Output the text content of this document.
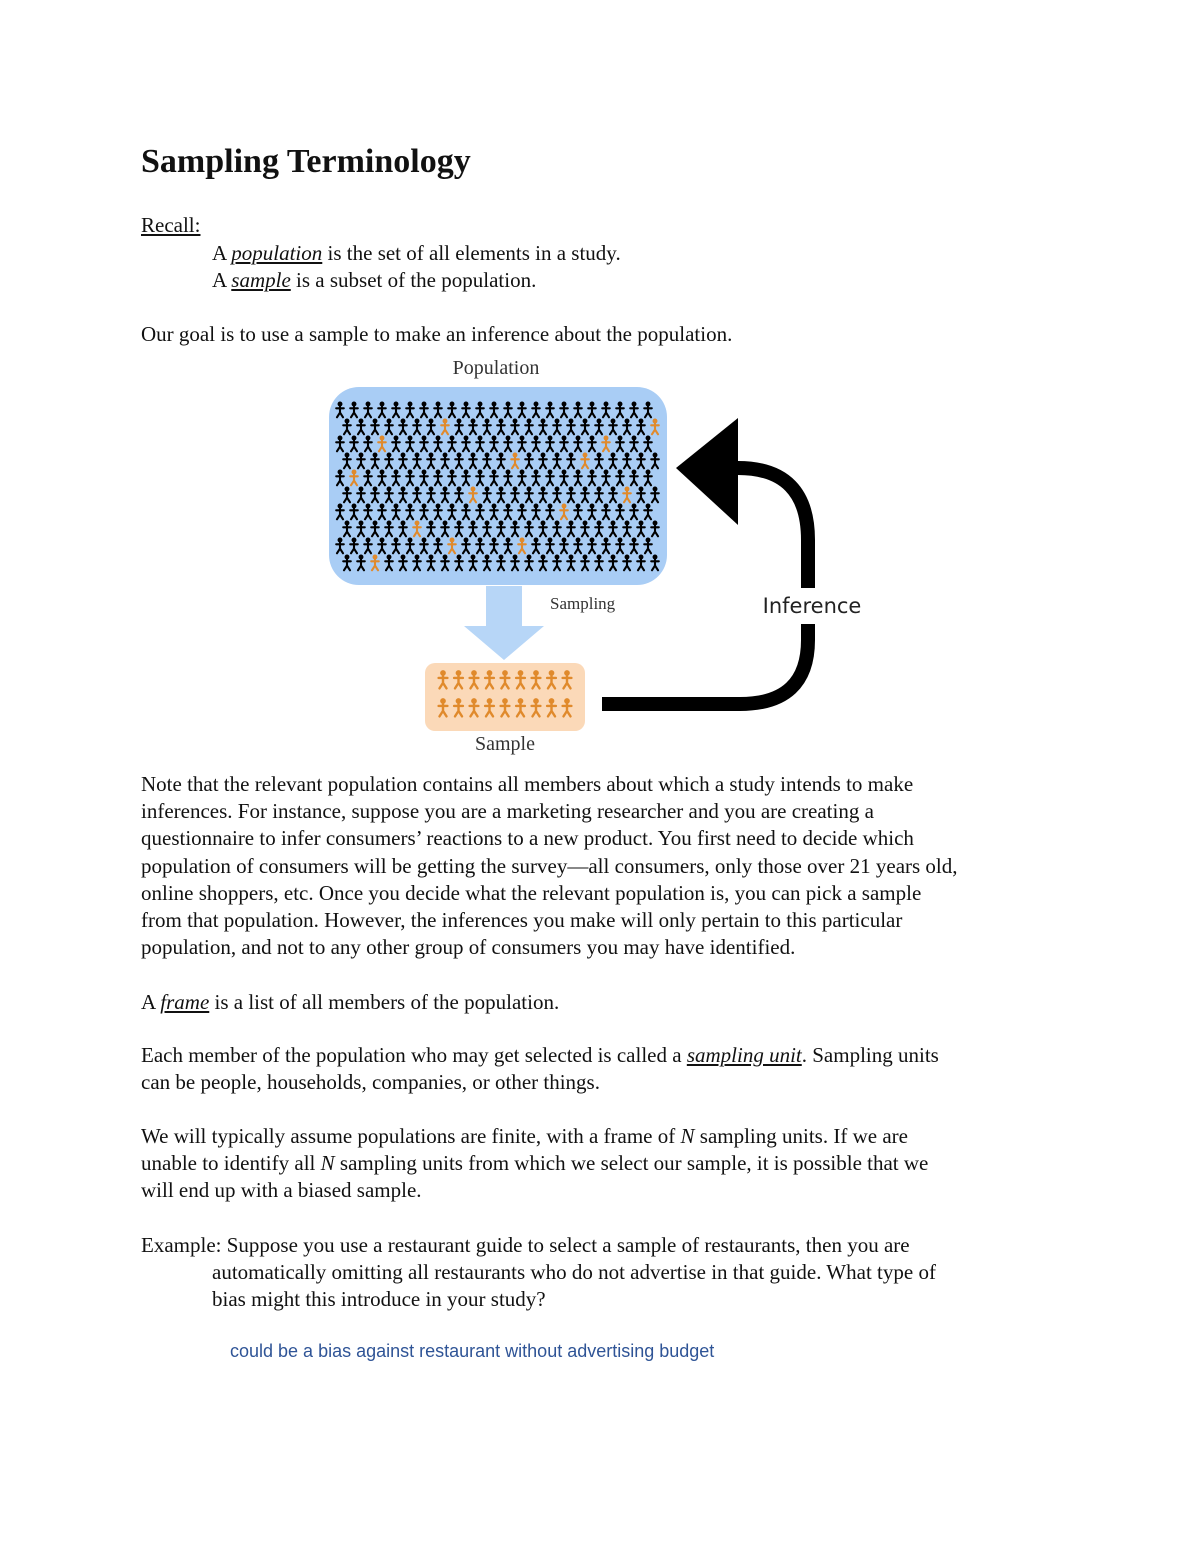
Sampling Terminology
Recall:
A population is the set of all elements in a study.
A sample is a subset of the population.
Our goal is to use a sample to make an inference about the population.
Population
Sampling
Sample
Inference

Note that the relevant population contains all members about which a study intends to make

inferences. For instance, suppose you are a marketing researcher and you are creating a

questionnaire to infer consumers’ reactions to a new product. You first need to decide which

population of consumers will be getting the survey—all consumers, only those over 21 years old,

online shoppers, etc. Once you decide what the relevant population is, you can pick a sample

from that population. However, the inferences you make will only pertain to this particular

population, and not to any other group of consumers you may have identified.

A frame is a list of all members of the population.

Each member of the population who may get selected is called a sampling unit. Sampling units

can be people, households, companies, or other things.

We will typically assume populations are finite, with a frame of N sampling units. If we are

unable to identify all N sampling units from which we select our sample, it is possible that we

will end up with a biased sample.

Example: Suppose you use a restaurant guide to select a sample of restaurants, then you are

automatically omitting all restaurants who do not advertise in that guide. What type of

bias might this introduce in your study?

could be a bias against restaurant without advertising budget
